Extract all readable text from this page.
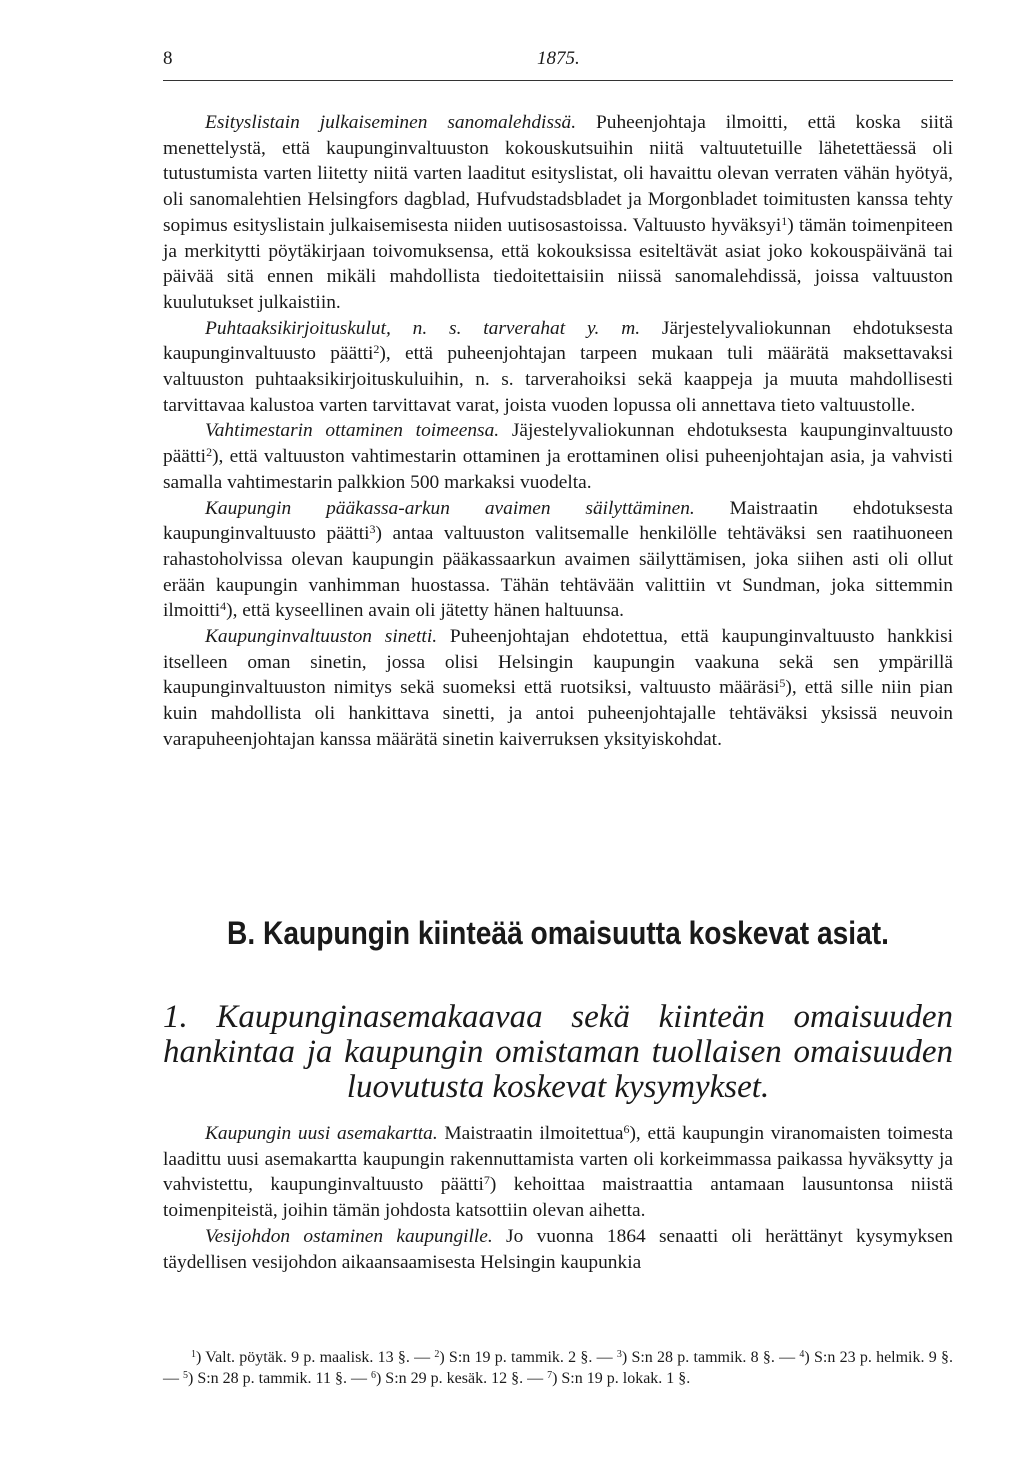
8	1875.

Esityslistain julkaiseminen sanomalehdissä. Puheenjohtaja ilmoitti, että koska siitä menettelystä, että kaupunginvaltuuston kokouskutsuihin niitä valtuutetuille lähetettäessä oli tutustumista varten liitetty niitä varten laaditut esityslistat, oli havaittu olevan verraten vähän hyötyä, oli sanomalehtien Helsingfors dagblad, Hufvudstadsbladet ja Morgonbladet toimitusten kanssa tehty sopimus esityslistain julkaisemisesta niiden uutisosastoissa. Valtuusto hyväksyi$^1$) tämän toimenpiteen ja merkitytti pöytäkirjaan toivomuksensa, että kokouksissa esiteltävät asiat joko kokouspäivänä tai päivää sitä ennen mikäli mahdollista tiedoitettaisiin niissä sanomalehdissä, joissa valtuuston kuulutukset julkaistiin.

Puhtaaksikirjoituskulut, n. s. tarverahat y. m. Järjestelyvaliokunnan ehdotuksesta kaupunginvaltuusto päätti$^2$), että puheenjohtajan tarpeen mukaan tuli määrätä maksettavaksi valtuuston puhtaaksikirjoituskuluihin, n. s. tarverahoiksi sekä kaappeja ja muuta mahdollisesti tarvittavaa kalustoa varten tarvittavat varat, joista vuoden lopussa oli annettava tieto valtuustolle.

Vahtimestarin ottaminen toimeensa. Jäjestelyvaliokunnan ehdotuksesta kaupunginvaltuusto päätti$^2$), että valtuuston vahtimestarin ottaminen ja erottaminen olisi puheenjohtajan asia, ja vahvisti samalla vahtimestarin palkkion 500 markaksi vuodelta.

Kaupungin pääkassa-arkun avaimen säilyttäminen. Maistraatin ehdotuksesta kaupunginvaltuusto päätti$^3$) antaa valtuuston valitsemalle henkilölle tehtäväksi sen raatihuoneen rahastoholvissa olevan kaupungin pääkassaarkun avaimen säilyttämisen, joka siihen asti oli ollut erään kaupungin vanhimman huostassa. Tähän tehtävään valittiin vt Sundman, joka sittemmin ilmoitti$^4$), että kyseellinen avain oli jätetty hänen haltuunsa.

Kaupunginvaltuuston sinetti. Puheenjohtajan ehdotettua, että kaupunginvaltuusto hankkisi itselleen oman sinetin, jossa olisi Helsingin kaupungin vaakuna sekä sen ympärillä kaupunginvaltuuston nimitys sekä suomeksi että ruotsiksi, valtuusto määräsi$^5$), että sille niin pian kuin mahdollista oli hankittava sinetti, ja antoi puheenjohtajalle tehtäväksi yksissä neuvoin varapuheenjohtajan kanssa määrätä sinetin kaiverruksen yksityiskohdat.

B. Kaupungin kiinteää omaisuutta koskevat asiat.
1. Kaupunginasemakaavaa sekä kiinteän omaisuuden hankintaa ja kaupungin omistaman tuollaisen omaisuuden luovutusta koskevat kysymykset.

Kaupungin uusi asemakartta. Maistraatin ilmoitettua$^6$), että kaupungin viranomaisten toimesta laadittu uusi asemakartta kaupungin rakennuttamista varten oli korkeimmassa paikassa hyväksytty ja vahvistettu, kaupunginvaltuusto päätti$^7$) kehoittaa maistraattia antamaan lausuntonsa niistä toimenpiteistä, joihin tämän johdosta katsottiin olevan aihetta.

Vesijohdon ostaminen kaupungille. Jo vuonna 1864 senaatti oli herättänyt kysymyksen täydellisen vesijohdon aikaansaamisesta Helsingin kaupunkia

$^1$) Valt. pöytäk. 9 p. maalisk. 13 §. — $^2$) S:n 19 p. tammik. 2 §. — $^3$) S:n 28 p. tammik. 8 §. — $^4$) S:n 23 p. helmik. 9 §. — $^5$) S:n 28 p. tammik. 11 §. — $^6$) S:n 29 p. kesäk. 12 §. — $^7$) S:n 19 p. lokak. 1 §.
